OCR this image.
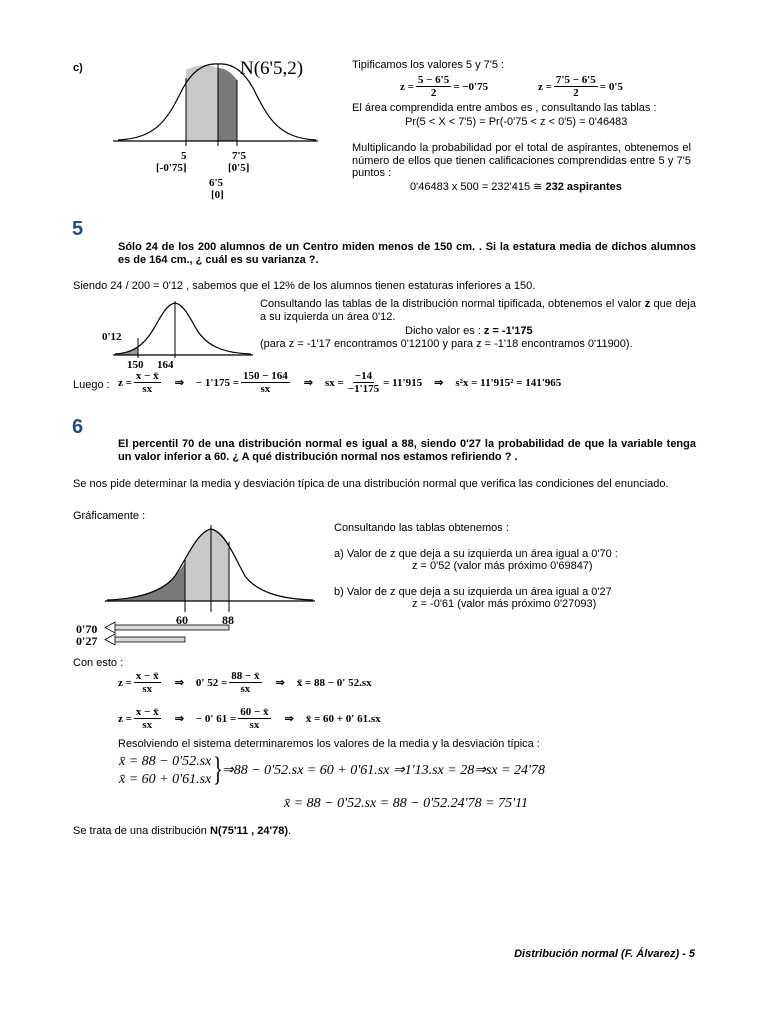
c)	N(6'5,2)
5
[-0'75]
7'5
[0'5]
6'5
[0]
Tipificamos los valores 5 y 7'5 :
$z = \frac{5 - 6'5}{2} = -0'75$	$z = \frac{7'5 - 6'5}{2} = 0'5$
El área comprendida entre ambos es , consultando las tablas :
Pr(5 < X < 7'5) = Pr(-0'75 < z < 0'5) = 0'46483
Multiplicando la probabilidad por el total de aspirantes, obtenemos el número de ellos que tienen calificaciones comprendidas entre 5 y 7'5 puntos :
0'46483 x 500 = 232'415 ≅ 232 aspirantes
5
Sólo 24 de los 200 alumnos de un Centro miden menos de 150 cm. . Si la estatura media de dichos alumnos es de 164 cm., ¿ cuál es su varianza ?.
Siendo 24 / 200 = 0'12 , sabemos que el 12% de los alumnos tienen estaturas inferiores a 150.
0'12
150 164
Consultando las tablas de la distribución normal tipificada, obtenemos el valor z que deja a su izquierda un área 0'12.
Dicho valor es : z = -1'175
(para z = -1'17 encontramos 0'12100 y para z = -1'18 encontramos 0'11900).
Luego : $z = \frac{x - x̄}{sx}$ ⇒ − $1'175 = \frac{150 - 164}{sx}$ ⇒ sx = $\frac{-14}{-1'175} = 11'915$ ⇒ s²x = 11'915² = 141'965
6
El percentil 70 de una distribución normal es igual a 88, siendo 0'27 la probabilidad de que la variable tenga un valor inferior a 60. ¿ A qué distribución normal nos estamos refiriendo ? .
Se nos pide determinar la media y desviación típica de una distribución normal que verifica las condiciones del enunciado.
Gráficamente :
60	88
0'70
0'27
Consultando las tablas obtenemos :
a) Valor de z que deja a su izquierda un área igual a 0'70 :
z = 0'52 (valor más próximo 0'69847)
b) Valor de z que deja a su izquierda un área igual a 0'27
z = -0'61 (valor más próximo 0'27093)
Con esto :
$z = \frac{x - x̄}{sx}$ ⇒ 0' $52 = \frac{88 - x̄}{sx}$ ⇒ x̄ = 88 − 0' 52.sx
$z = \frac{x - x̄}{sx}$ ⇒ − 0' $61 = \frac{60 - x̄}{sx}$ ⇒ x̄ = 60 + 0' 61.sx
Resolviendo el sistema determinaremos los valores de la media y la desviación típica :
x̄ = 88 − 0'52.sx
x̄ = 60 + 0'61.sx } ⇒88 − 0'52.sx = 60 + 0'61.sx ⇒1'13.sx = 28⇒sx = 24'78
x̄ = 88 − 0'52.sx = 88 − 0'52.24'78 = 75'11
Se trata de una distribución N(75'11 , 24'78).
Distribución normal (F. Álvarez) - 5
